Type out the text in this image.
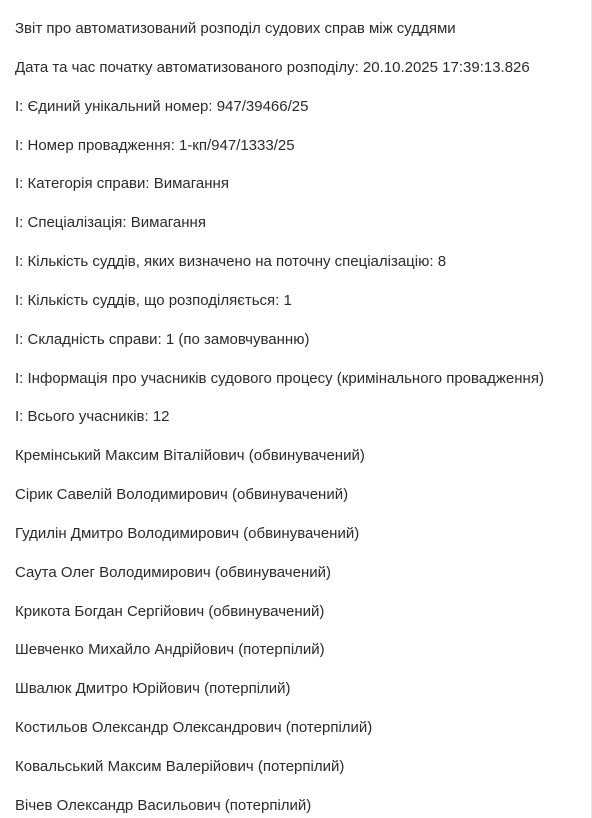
Звіт про автоматизований розподіл судових справ між суддями
Дата та час початку автоматизованого розподілу: 20.10.2025 17:39:13.826
І: Єдиний унікальний номер: 947/39466/25
І: Номер провадження: 1-кп/947/1333/25
І: Категорія справи: Вимагання
І: Спеціалізація: Вимагання
І: Кількість суддів, яких визначено на поточну спеціалізацію: 8
І: Кількість суддів, що розподіляється: 1
І: Складність справи: 1 (по замовчуванню)
І: Інформація про учасників судового процесу (кримінального провадження)
І: Всього учасників: 12
Кремінський Максим Віталійович (обвинувачений)
Сірик Савелій Володимирович (обвинувачений)
Гудилін Дмитро Володимирович (обвинувачений)
Саута Олег Володимирович (обвинувачений)
Крикота Богдан Сергійович (обвинувачений)
Шевченко Михайло Андрійович (потерпілий)
Швалюк Дмитро Юрійович (потерпілий)
Костильов Олександр Олександрович (потерпілий)
Ковальський Максим Валерійович (потерпілий)
Вічев Олександр Васильович (потерпілий)
